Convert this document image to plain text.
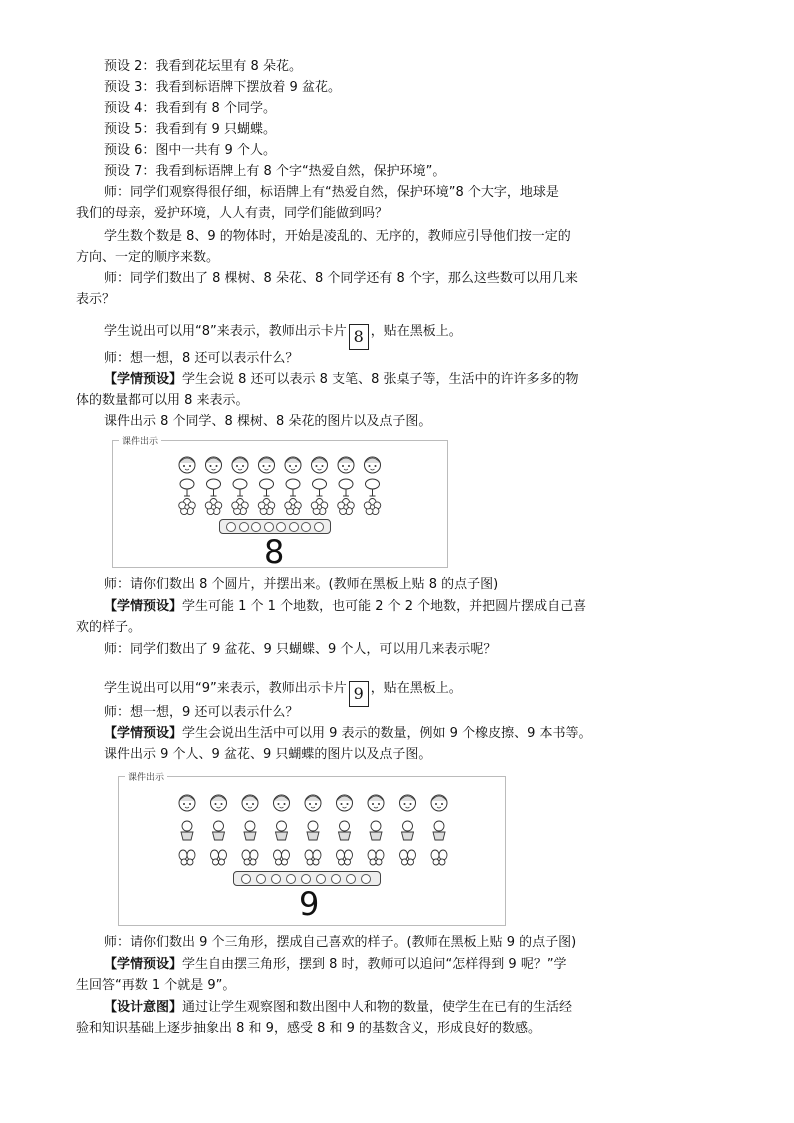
预设 2：我看到花坛里有 8 朵花。
预设 3：我看到标语牌下摆放着 9 盆花。
预设 4：我看到有 8 个同学。
预设 5：我看到有 9 只蝴蝶。
预设 6：图中一共有 9 个人。
预设 7：我看到标语牌上有 8 个字“热爱自然，保护环境”。
师：同学们观察得很仔细，标语牌上有“热爱自然，保护环境”8 个大字，地球是
我们的母亲，爱护环境，人人有责，同学们能做到吗？
学生数个数是 8、9 的物体时，开始是凌乱的、无序的，教师应引导他们按一定的
方向、一定的顺序来数。
师：同学们数出了 8 棵树、8 朵花、8 个同学还有 8 个字，那么这些数可以用几来
表示？
学生说出可以用“8”来表示，教师出示卡片 8 ，贴在黑板上。
师：想一想，8 还可以表示什么？
【学情预设】学生会说 8 还可以表示 8 支笔、8 张桌子等，生活中的许许多多的物
体的数量都可以用 8 来表示。
课件出示 8 个同学、8 棵树、8 朵花的图片以及点子图。
课件出示
8
师：请你们数出 8 个圆片，并摆出来。(教师在黑板上贴 8 的点子图)
【学情预设】学生可能 1 个 1 个地数，也可能 2 个 2 个地数，并把圆片摆成自己喜
欢的样子。
师：同学们数出了 9 盆花、9 只蝴蝶、9 个人，可以用几来表示呢？
学生说出可以用“9”来表示，教师出示卡片 9 ，贴在黑板上。
师：想一想，9 还可以表示什么？
【学情预设】学生会说出生活中可以用 9 表示的数量，例如 9 个橡皮擦、9 本书等。
课件出示 9 个人、9 盆花、9 只蝴蝶的图片以及点子图。
课件出示
9
师：请你们数出 9 个三角形，摆成自己喜欢的样子。(教师在黑板上贴 9 的点子图)
【学情预设】学生自由摆三角形，摆到 8 时，教师可以追问“怎样得到 9 呢？”学
生回答“再数 1 个就是 9”。
【设计意图】通过让学生观察图和数出图中人和物的数量，使学生在已有的生活经
验和知识基础上逐步抽象出 8 和 9，感受 8 和 9 的基数含义，形成良好的数感。
